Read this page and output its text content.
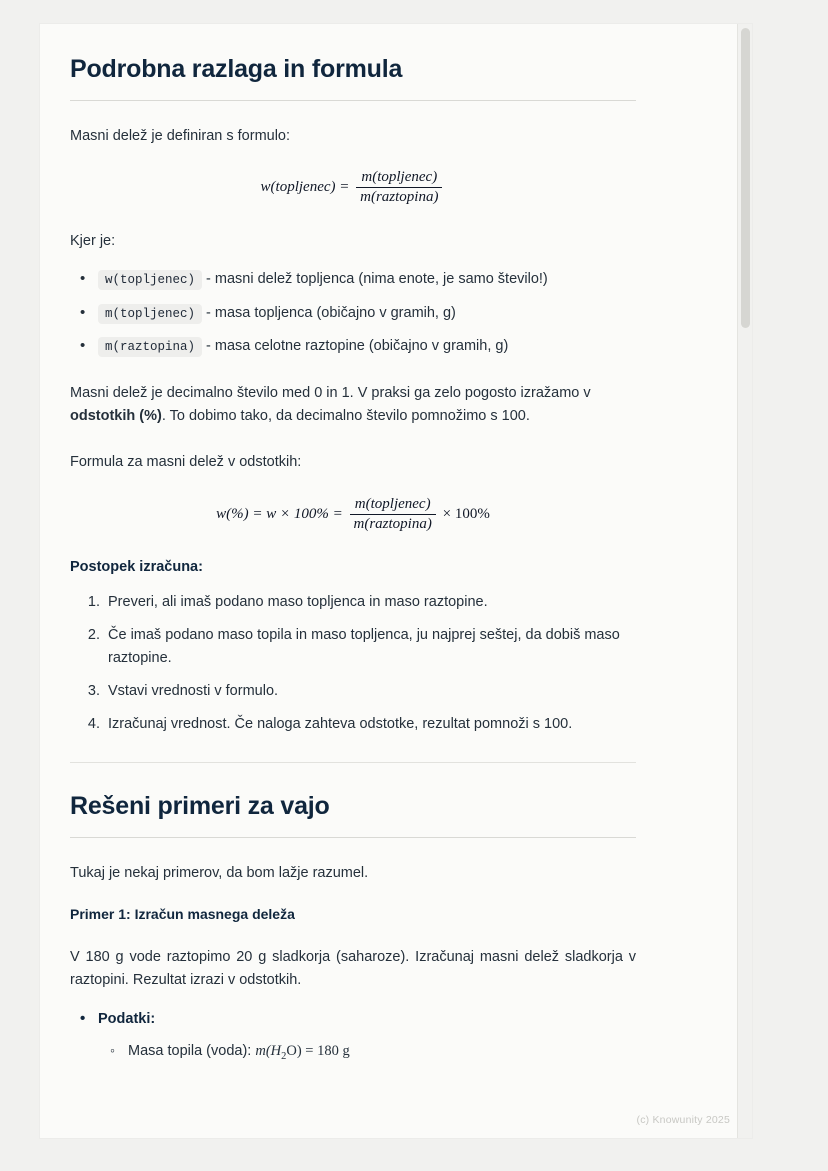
Podrobna razlaga in formula

Masni delež je definiran s formulo:

w(topljenec) = $\frac{\text{m(topljenec)}}{\text{m(raztopina)}}$

Kjer je:

• w(topljenec) - masni delež topljenca (nima enote, je samo število!)
• m(topljenec) - masa topljenca (običajno v gramih, g)
• m(raztopina) - masa celotne raztopine (običajno v gramih, g)

Masni delež je decimalno število med 0 in 1. V praksi ga zelo pogosto izražamo v odstotkih (%). To dobimo tako, da decimalno število pomnožimo s 100.

Formula za masni delež v odstotkih:

$w(\%) = w \times 100\% = \frac{\text{m(topljenec)}}{\text{m(raztopina)}} \times 100\%$
Postopek izračuna:
1. Preveri, ali imaš podano maso topljenca in maso raztopine.
2. Če imaš podano maso topila in maso topljenca, ju najprej seštej, da dobiš maso raztopine.
3. Vstavi vrednosti v formulo.
4. Izračunaj vrednost. Če naloga zahteva odstotke, rezultat pomnoži s 100.
Rešeni primeri za vajo

Tukaj je nekaj primerov, da bom lažje razumel.

Primer 1: Izračun masnega deleža

V 180 g vode raztopimo 20 g sladkorja (saharoze). Izračunaj masni delež sladkorja v raztopini. Rezultat izrazi v odstotkih.

• Podatki:
◦ Masa topila (voda): $m(H_2O) = 180$ g
(c) Knowunity 2025
